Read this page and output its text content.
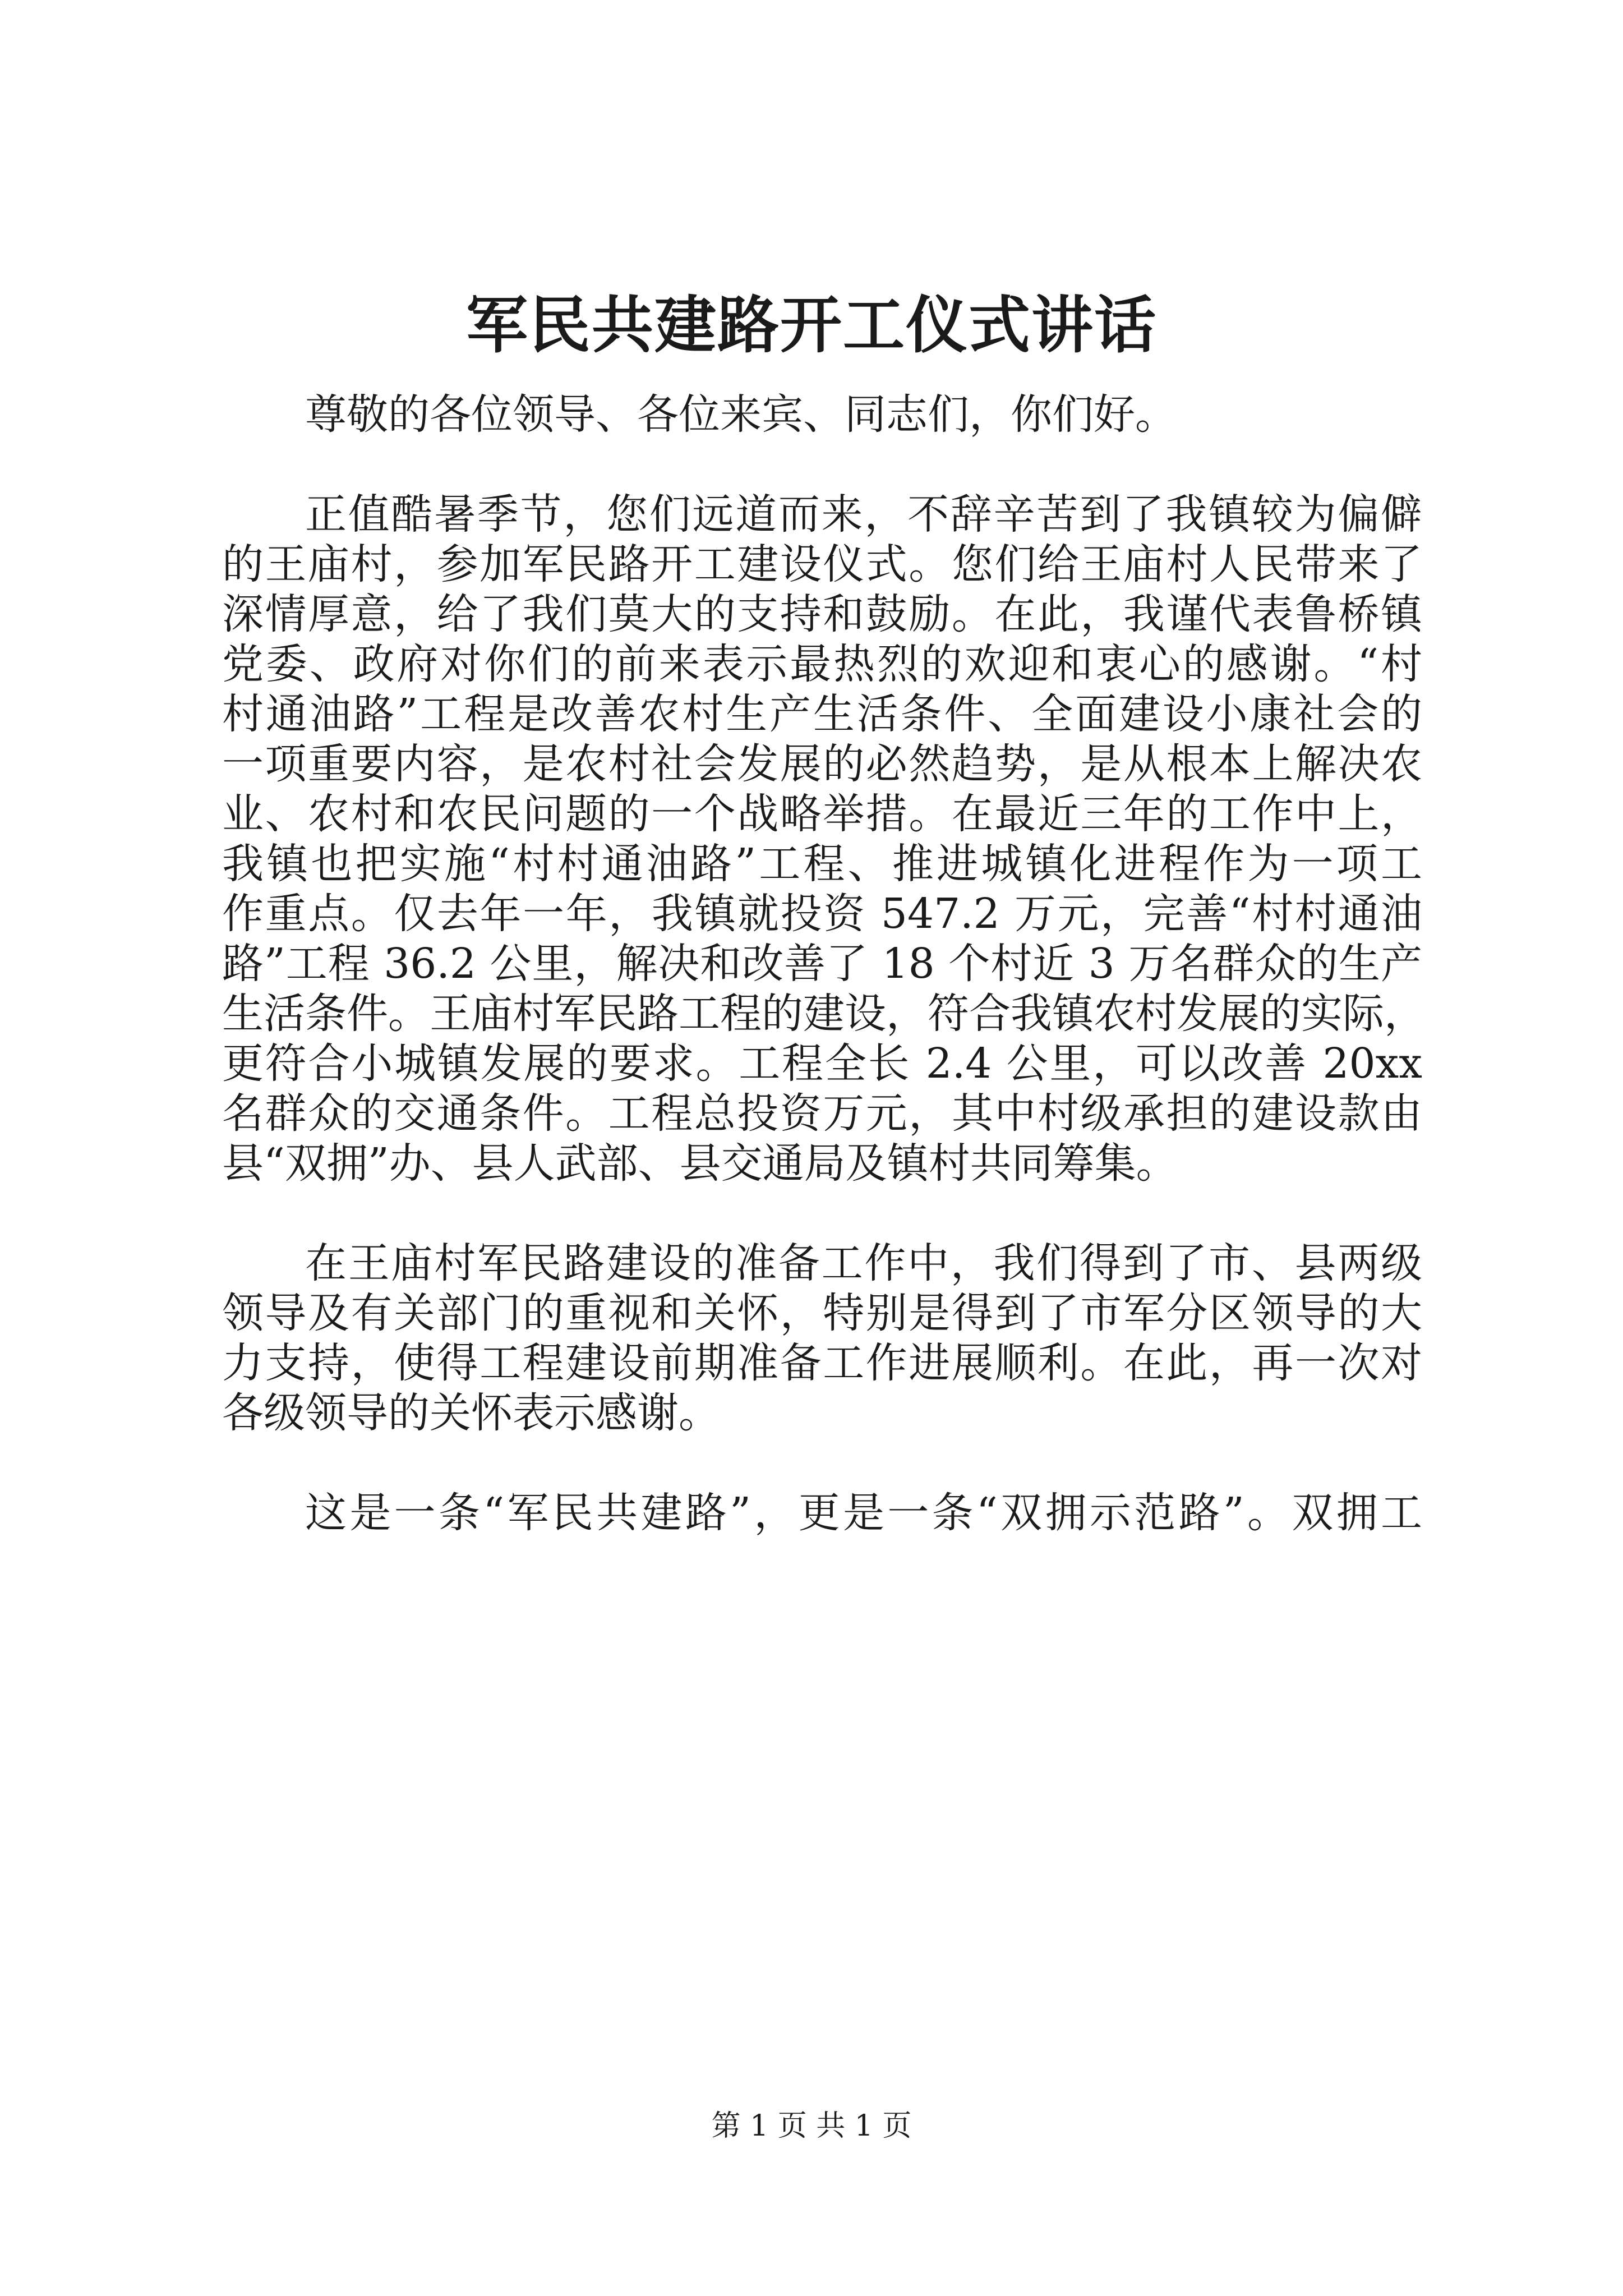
军民共建路开工仪式讲话
尊敬的各位领导、各位来宾、同志们，你们好。
正值酷暑季节，您们远道而来，不辞辛苦到了我镇较为偏僻
的王庙村，参加军民路开工建设仪式。您们给王庙村人民带来了
深情厚意，给了我们莫大的支持和鼓励。在此，我谨代表鲁桥镇
党委、政府对你们的前来表示最热烈的欢迎和衷心的感谢。“村
村通油路”工程是改善农村生产生活条件、全面建设小康社会的
一项重要内容，是农村社会发展的必然趋势，是从根本上解决农
业、农村和农民问题的一个战略举措。在最近三年的工作中上，
我镇也把实施“村村通油路”工程、推进城镇化进程作为一项工
作重点。仅去年一年，我镇就投资 547.2 万元，完善“村村通油
路”工程 36.2 公里，解决和改善了 18 个村近 3 万名群众的生产
生活条件。王庙村军民路工程的建设，符合我镇农村发展的实际，
更符合小城镇发展的要求。工程全长 2.4 公里，可以改善 20xx
名群众的交通条件。工程总投资万元，其中村级承担的建设款由
县“双拥”办、县人武部、县交通局及镇村共同筹集。
在王庙村军民路建设的准备工作中，我们得到了市、县两级
领导及有关部门的重视和关怀，特别是得到了市军分区领导的大
力支持，使得工程建设前期准备工作进展顺利。在此，再一次对
各级领导的关怀表示感谢。
这是一条“军民共建路”，更是一条“双拥示范路”。双拥工
第 1 页 共 1 页
